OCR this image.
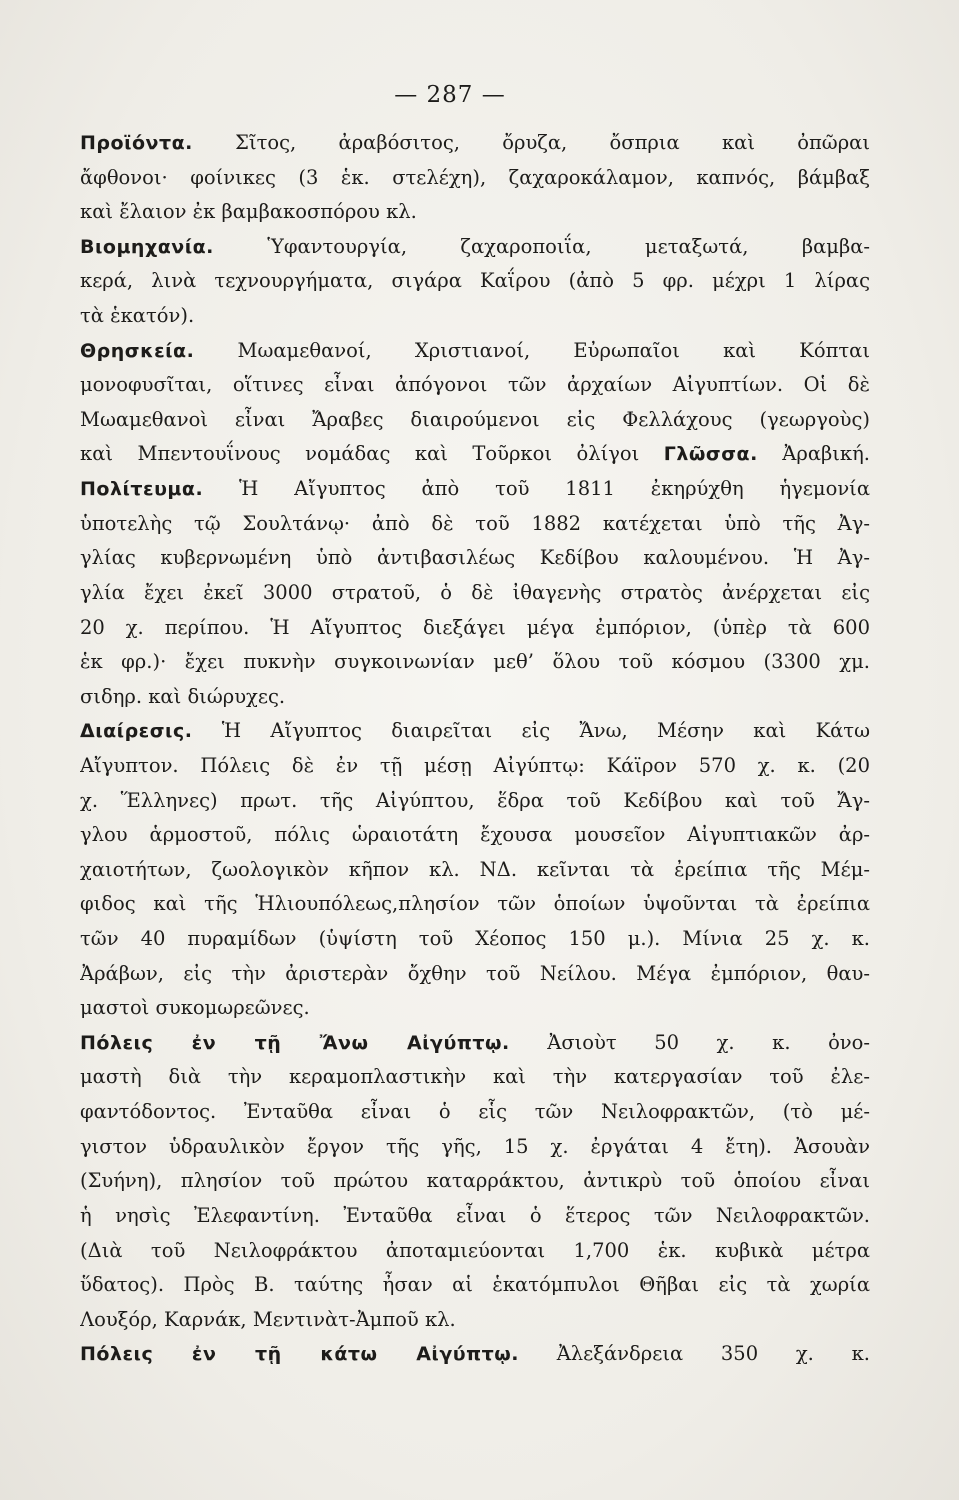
— 287 —
Προϊόντα. Σῖτος, ἀραβόσιτος, ὄρυζα, ὄσπρια καὶ ὀπῶραι
ἄφθονοι· φοίνικες (3 ἑκ. στελέχη), ζαχαροκάλαμον, καπνός, βάμβαξ
καὶ ἔλαιον ἐκ βαμβακοσπόρου κλ.
Βιομηχανία. Ὑφαντουργία, ζαχαροποιΐα, μεταξωτά, βαμβα-
κερά, λινὰ τεχνουργήματα, σιγάρα Καΐρου (ἀπὸ 5 φρ. μέχρι 1 λίρας
τὰ ἑκατόν).
Θρησκεία. Μωαμεθανοί, Χριστιανοί, Εὐρωπαῖοι καὶ Κόπται
μονοφυσῖται, οἵτινες εἶναι ἀπόγονοι τῶν ἀρχαίων Αἰγυπτίων. Οἱ δὲ
Μωαμεθανοὶ εἶναι Ἄραβες διαιρούμενοι εἰς Φελλάχους (γεωργοὺς)
καὶ Μπεντουΐνους νομάδας καὶ Τοῦρκοι ὀλίγοι Γλῶσσα. Ἀραβική.
Πολίτευμα. Ἡ Αἴγυπτος ἀπὸ τοῦ 1811 ἐκηρύχθη ἡγεμονία
ὑποτελὴς τῷ Σουλτάνῳ· ἀπὸ δὲ τοῦ 1882 κατέχεται ὑπὸ τῆς Ἀγ-
γλίας κυβερνωμένη ὑπὸ ἀντιβασιλέως Κεδίβου καλουμένου. Ἡ Ἀγ-
γλία ἔχει ἐκεῖ 3000 στρατοῦ, ὁ δὲ ἰθαγενὴς στρατὸς ἀνέρχεται εἰς
20 χ. περίπου. Ἡ Αἴγυπτος διεξάγει μέγα ἐμπόριον, (ὑπὲρ τὰ 600
ἑκ φρ.)· ἔχει πυκνὴν συγκοινωνίαν μεθ’ ὅλου τοῦ κόσμου (3300 χμ.
σιδηρ. καὶ διώρυχες.
Διαίρεσις. Ἡ Αἴγυπτος διαιρεῖται εἰς Ἄνω, Μέσην καὶ Κάτω
Αἴγυπτον. Πόλεις δὲ ἐν τῇ μέσῃ Αἰγύπτῳ: Κάϊρον 570 χ. κ. (20
χ. Ἕλληνες) πρωτ. τῆς Αἰγύπτου, ἕδρα τοῦ Κεδίβου καὶ τοῦ Ἄγ-
γλου ἁρμοστοῦ, πόλις ὡραιοτάτη ἔχουσα μουσεῖον Αἰγυπτιακῶν ἀρ-
χαιοτήτων, ζωολογικὸν κῆπον κλ. ΝΔ. κεῖνται τὰ ἐρείπια τῆς Μέμ-
φιδος καὶ τῆς Ἡλιουπόλεως,πλησίον τῶν ὁποίων ὑψοῦνται τὰ ἐρείπια
τῶν 40 πυραμίδων (ὑψίστη τοῦ Χέοπος 150 μ.). Μίνια 25 χ. κ.
Ἀράβων, εἰς τὴν ἀριστερὰν ὄχθην τοῦ Νείλου. Μέγα ἐμπόριον, θαυ-
μαστοὶ συκομωρεῶνες.
Πόλεις ἐν τῇ Ἄνω Αἰγύπτῳ. Ἀσιοὺτ 50 χ. κ. ὀνο-
μαστὴ διὰ τὴν κεραμοπλαστικὴν καὶ τὴν κατεργασίαν τοῦ ἐλε-
φαντόδοντος. Ἐνταῦθα εἶναι ὁ εἷς τῶν Νειλοφρακτῶν, (τὸ μέ-
γιστον ὑδραυλικὸν ἔργον τῆς γῆς, 15 χ. ἐργάται 4 ἔτη). Ἀσουὰν
(Συήνη), πλησίον τοῦ πρώτου καταρράκτου, ἀντικρὺ τοῦ ὁποίου εἶναι
ἡ νησὶς Ἐλεφαντίνη. Ἐνταῦθα εἶναι ὁ ἕτερος τῶν Νειλοφρακτῶν.
(Διὰ τοῦ Νειλοφράκτου ἀποταμιεύονται 1,700 ἑκ. κυβικὰ μέτρα
ὕδατος). Πρὸς Β. ταύτης ἦσαν αἱ ἑκατόμπυλοι Θῆβαι εἰς τὰ χωρία
Λουξόρ, Καρνάκ, Μεντινὰτ-Ἀμποῦ κλ.
Πόλεις ἐν τῇ κάτω Αἰγύπτῳ. Ἀλεξάνδρεια 350 χ. κ.
